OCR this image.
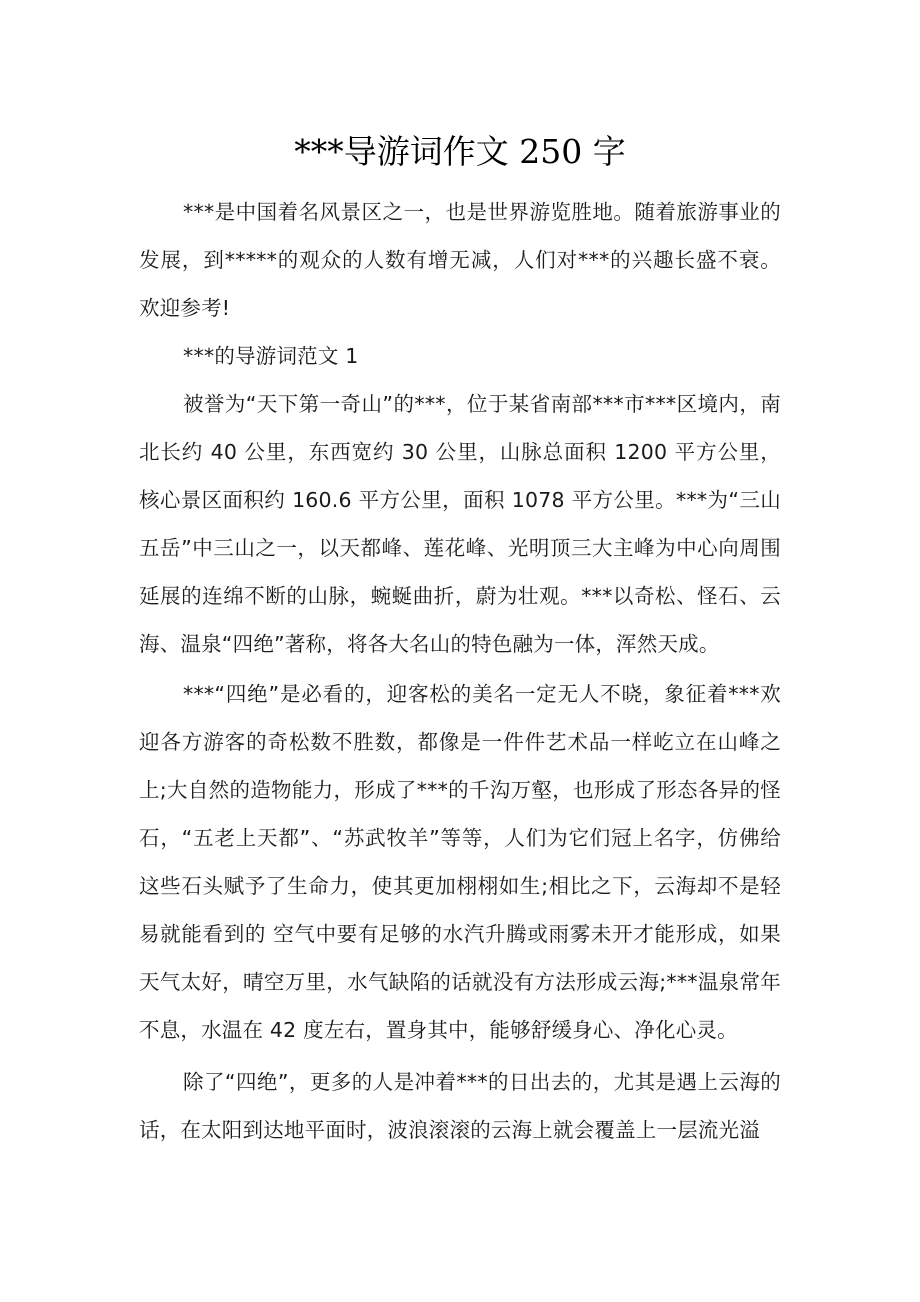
***导游词作文 250 字

***是中国着名风景区之一，也是世界游览胜地。随着旅游事业的发展，到*****的观众的人数有增无减，人们对***的兴趣长盛不衰。欢迎参考!

***的导游词范文 1

被誉为“天下第一奇山”的***，位于某省南部***市***区境内，南北长约 40 公里，东西宽约 30 公里，山脉总面积 1200 平方公里，核心景区面积约 160.6 平方公里，面积 1078 平方公里。***为“三山五岳”中三山之一，以天都峰、莲花峰、光明顶三大主峰为中心向周围延展的连绵不断的山脉，蜿蜒曲折，蔚为壮观。***以奇松、怪石、云海、温泉“四绝”著称，将各大名山的特色融为一体，浑然天成。

***“四绝”是必看的，迎客松的美名一定无人不晓，象征着***欢迎各方游客的奇松数不胜数，都像是一件件艺术品一样屹立在山峰之上;大自然的造物能力，形成了***的千沟万壑，也形成了形态各异的怪石，“五老上天都”、“苏武牧羊”等等，人们为它们冠上名字，仿佛给这些石头赋予了生命力，使其更加栩栩如生;相比之下，云海却不是轻易就能看到的 空气中要有足够的水汽升腾或雨雾未开才能形成，如果天气太好，晴空万里，水气缺陷的话就没有方法形成云海;***温泉常年不息，水温在 42 度左右，置身其中，能够舒缓身心、净化心灵。

除了“四绝”，更多的人是冲着***的日出去的，尤其是遇上云海的话，在太阳到达地平面时，波浪滚滚的云海上就会覆盖上一层流光溢
